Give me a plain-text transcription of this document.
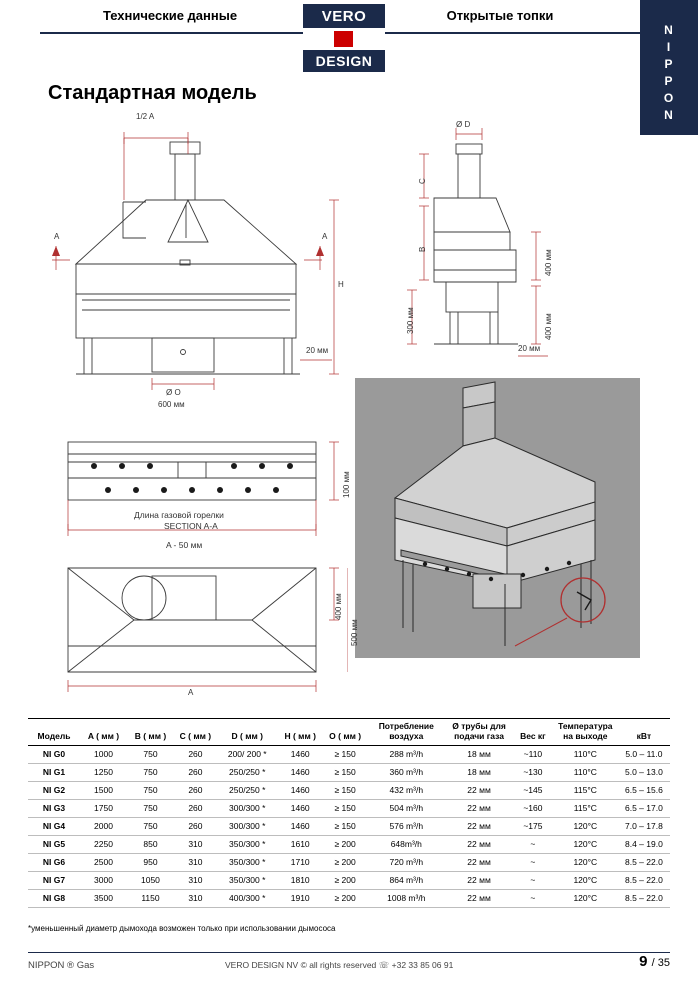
Технические данные	Открытые топки
VERO
DESIGN
N
I
P
P
O
N
Стандартная модель
1/2 A
A	A
H
Ø O
600 мм
20 мм
Ø D
C
B
300 мм
400 мм
400 мм
20 мм
100 мм
Длина газовой горелки
SECTION A-A
A - 50 мм
400 мм
500 мм
A
Модель	A ( мм )	B ( мм )	C ( мм )	D ( мм )	H ( мм )	O ( мм )	Потребление воздуха	Ø трубы для подачи газа	Вес кг	Температура на выходе	кВт
NI G0	1000	750	260	200/ 200 *	1460	≥ 150	288 m³/h	18 мм	~110	110°C	5.0 – 11.0
NI G1	1250	750	260	250/250 *	1460	≥ 150	360 m³/h	18 мм	~130	110°C	5.0 – 13.0
NI G2	1500	750	260	250/250 *	1460	≥ 150	432 m³/h	22 мм	~145	115°C	6.5 – 15.6
NI G3	1750	750	260	300/300 *	1460	≥ 150	504 m³/h	22 мм	~160	115°C	6.5 – 17.0
NI G4	2000	750	260	300/300 *	1460	≥ 150	576 m³/h	22 мм	~175	120°C	7.0 – 17.8
NI G5	2250	850	310	350/300 *	1610	≥ 200	648m³/h	22 мм	~	120°C	8.4 – 19.0
NI G6	2500	950	310	350/300 *	1710	≥ 200	720 m³/h	22 мм	~	120°C	8.5 – 22.0
NI G7	3000	1050	310	350/300 *	1810	≥ 200	864 m³/h	22 мм	~	120°C	8.5 – 22.0
NI G8	3500	1150	310	400/300 *	1910	≥ 200	1008 m³/h	22 мм	~	120°C	8.5 – 22.0
*уменьшенный диаметр дымохода возможен только при использовании дымососа
NIPPON ® Gas	VERO DESIGN NV © all rights reserved ☏ +32 33 85 06 91	9 / 35
